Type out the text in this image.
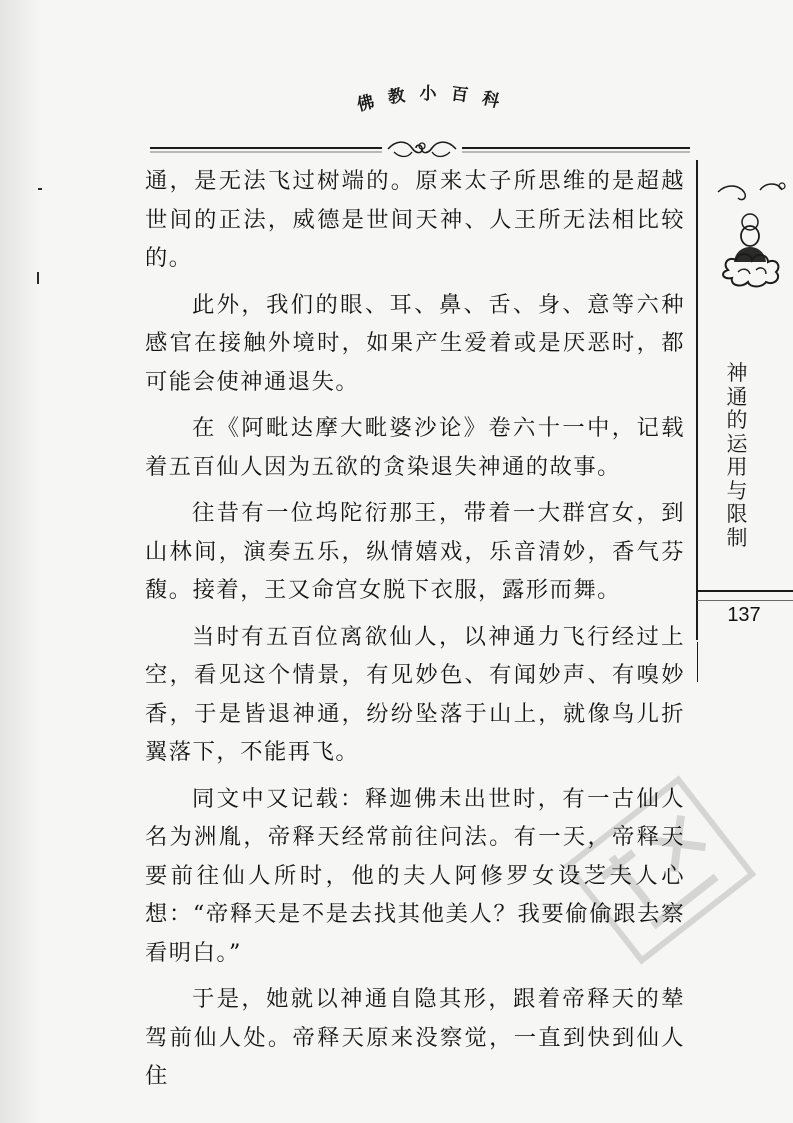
佛教小百科

通，是无法飞过树端的。原来太子所思维的是超越世间的正法，威德是世间天神、人王所无法相比较的。

此外，我们的眼、耳、鼻、舌、身、意等六种感官在接触外境时，如果产生爱着或是厌恶时，都可能会使神通退失。

在《阿毗达摩大毗婆沙论》卷六十一中，记载着五百仙人因为五欲的贪染退失神通的故事。

往昔有一位坞陀衍那王，带着一大群宫女，到山林间，演奏五乐，纵情嬉戏，乐音清妙，香气芬馥。接着，王又命宫女脱下衣服，露形而舞。

当时有五百位离欲仙人，以神通力飞行经过上空，看见这个情景，有见妙色、有闻妙声、有嗅妙香，于是皆退神通，纷纷坠落于山上，就像鸟儿折翼落下，不能再飞。

同文中又记载：释迦佛未出世时，有一古仙人名为洲胤，帝释天经常前往问法。有一天，帝释天要前往仙人所时，他的夫人阿修罗女设芝夫人心想：“帝释天是不是去找其他美人？我要偷偷跟去察看明白。”

于是，她就以神通自隐其形，跟着帝释天的辇驾前仙人处。帝释天原来没察觉，一直到快到仙人住

神通的运用与限制
137
